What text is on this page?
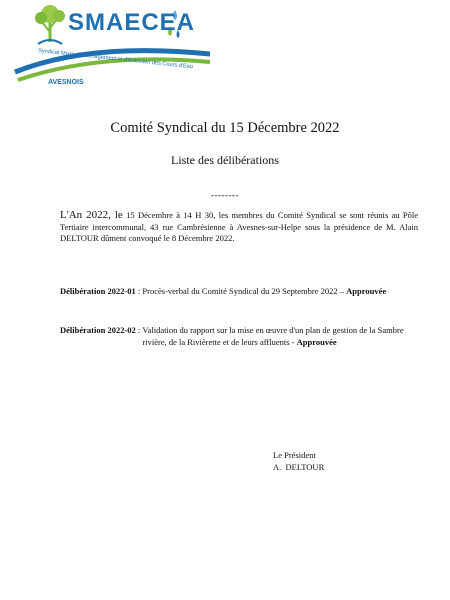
SMAECEA
Syndicat Mixte d'Aménagement et d'Entretien des Cours d'Eau
AVESNOIS
Comité Syndical du 15 Décembre 2022
Liste des délibérations
--------
L'An 2022, le 15 Décembre à 14 H 30, les membres du Comité Syndical se sont réunis au Pôle Tertiaire intercommunal, 43 rue Cambrésienne à Avesnes-sur-Helpe sous la présidence de M. Alain DELTOUR dûment convoqué le 8 Décembre 2022.
Délibération 2022-01 : Procès-verbal du Comité Syndical du 29 Septembre 2022 – Approuvée
Délibération 2022-02 : Validation du rapport sur la mise en œuvre d'un plan de gestion de la Sambre rivière, de la Rivièrette et de leurs affluents - Approuvée
Le Président
A.  DELTOUR
